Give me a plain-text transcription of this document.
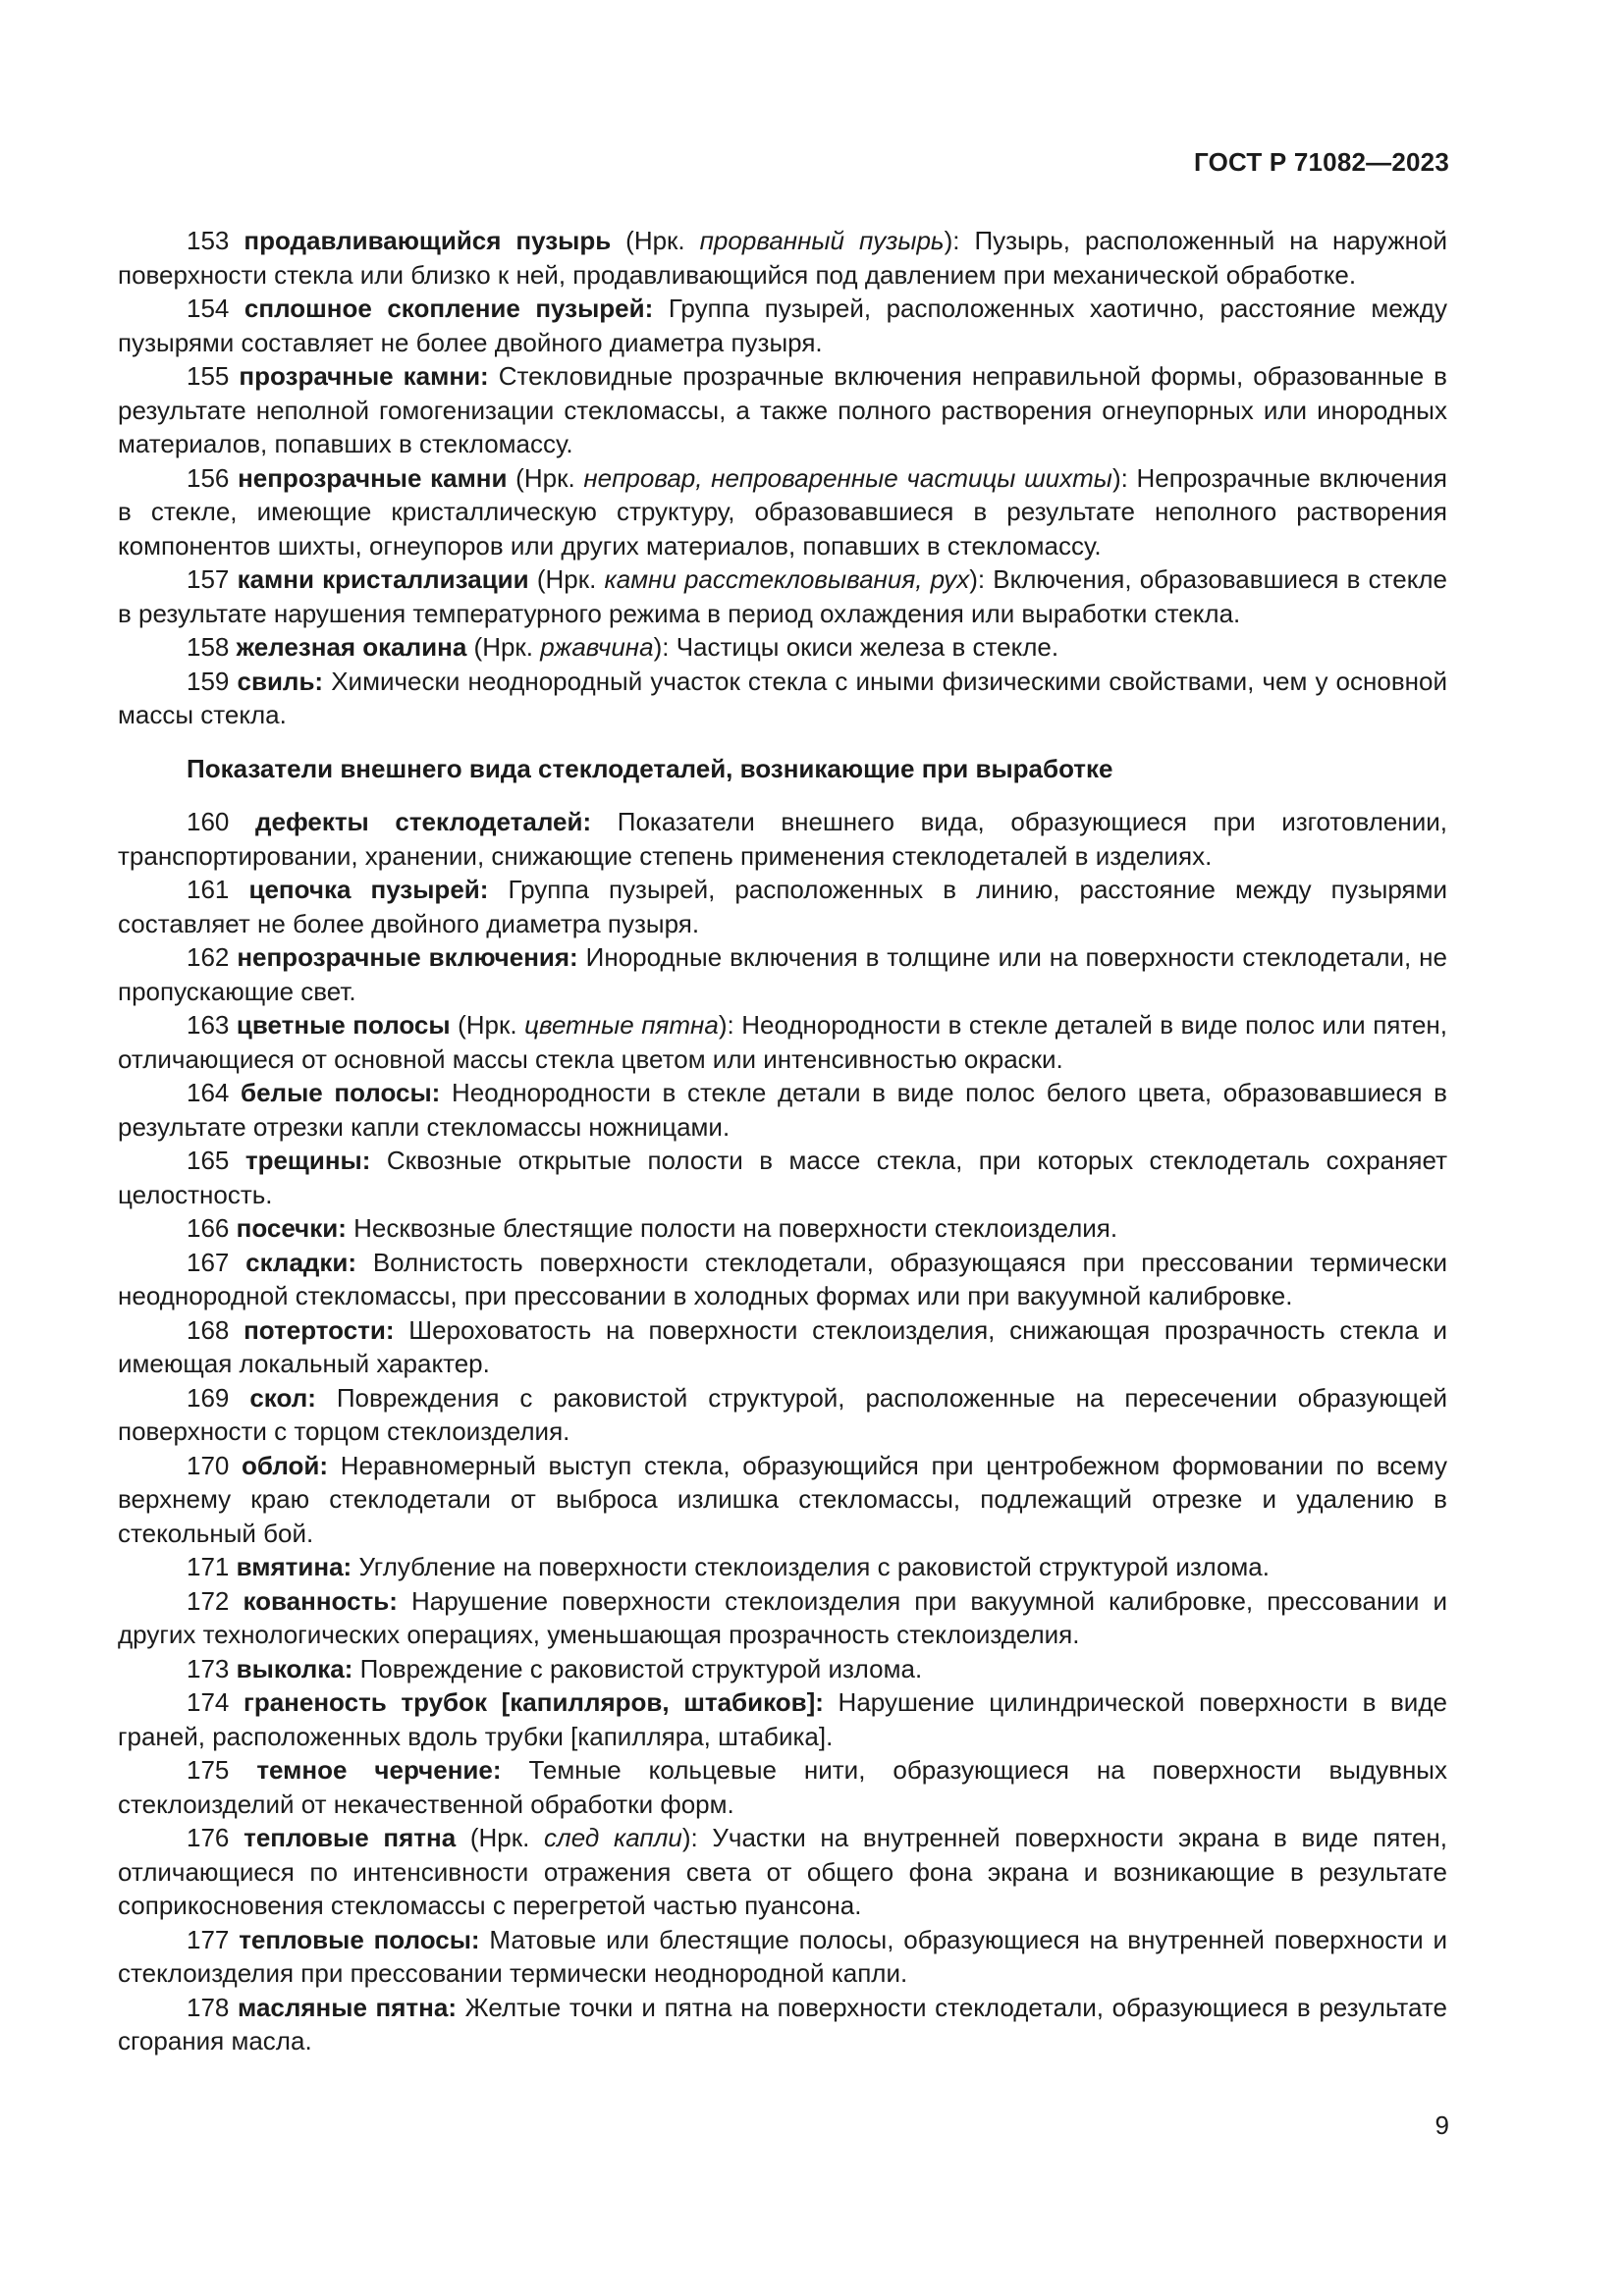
ГОСТ Р 71082—2023

153 продавливающийся пузырь (Нрк. прорванный пузырь): Пузырь, расположенный на наружной поверхности стекла или близко к ней, продавливающийся под давлением при механической обработке.

154 сплошное скопление пузырей: Группа пузырей, расположенных хаотично, расстояние между пузырями составляет не более двойного диаметра пузыря.

155 прозрачные камни: Стекловидные прозрачные включения неправильной формы, образованные в результате неполной гомогенизации стекломассы, а также полного растворения огнеупорных или инородных материалов, попавших в стекломассу.

156 непрозрачные камни (Нрк. непровар, непроваренные частицы шихты): Непрозрачные включения в стекле, имеющие кристаллическую структуру, образовавшиеся в результате неполного растворения компонентов шихты, огнеупоров или других материалов, попавших в стекломассу.

157 камни кристаллизации (Нрк. камни расстекловывания, рух): Включения, образовавшиеся в стекле в результате нарушения температурного режима в период охлаждения или выработки стекла.

158 железная окалина (Нрк. ржавчина): Частицы окиси железа в стекле.

159 свиль: Химически неоднородный участок стекла с иными физическими свойствами, чем у основной массы стекла.

Показатели внешнего вида стеклодеталей, возникающие при выработке

160 дефекты стеклодеталей: Показатели внешнего вида, образующиеся при изготовлении, транспортировании, хранении, снижающие степень применения стеклодеталей в изделиях.

161 цепочка пузырей: Группа пузырей, расположенных в линию, расстояние между пузырями составляет не более двойного диаметра пузыря.

162 непрозрачные включения: Инородные включения в толщине или на поверхности стеклодетали, не пропускающие свет.

163 цветные полосы (Нрк. цветные пятна): Неоднородности в стекле деталей в виде полос или пятен, отличающиеся от основной массы стекла цветом или интенсивностью окраски.

164 белые полосы: Неоднородности в стекле детали в виде полос белого цвета, образовавшиеся в результате отрезки капли стекломассы ножницами.

165 трещины: Сквозные открытые полости в массе стекла, при которых стеклодеталь сохраняет целостность.

166 посечки: Несквозные блестящие полости на поверхности стеклоизделия.

167 складки: Волнистость поверхности стеклодетали, образующаяся при прессовании термически неоднородной стекломассы, при прессовании в холодных формах или при вакуумной калибровке.

168 потертости: Шероховатость на поверхности стеклоизделия, снижающая прозрачность стекла и имеющая локальный характер.

169 скол: Повреждения с раковистой структурой, расположенные на пересечении образующей поверхности с торцом стеклоизделия.

170 облой: Неравномерный выступ стекла, образующийся при центробежном формовании по всему верхнему краю стеклодетали от выброса излишка стекломассы, подлежащий отрезке и удалению в стекольный бой.

171 вмятина: Углубление на поверхности стеклоизделия с раковистой структурой излома.

172 кованность: Нарушение поверхности стеклоизделия при вакуумной калибровке, прессовании и других технологических операциях, уменьшающая прозрачность стеклоизделия.

173 выколка: Повреждение с раковистой структурой излома.

174 граненость трубок [капилляров, штабиков]: Нарушение цилиндрической поверхности в виде граней, расположенных вдоль трубки [капилляра, штабика].

175 темное черчение: Темные кольцевые нити, образующиеся на поверхности выдувных стеклоизделий от некачественной обработки форм.

176 тепловые пятна (Нрк. след капли): Участки на внутренней поверхности экрана в виде пятен, отличающиеся по интенсивности отражения света от общего фона экрана и возникающие в результате соприкосновения стекломассы с перегретой частью пуансона.

177 тепловые полосы: Матовые или блестящие полосы, образующиеся на внутренней поверхности и стеклоизделия при прессовании термически неоднородной капли.

178 масляные пятна: Желтые точки и пятна на поверхности стеклодетали, образующиеся в результате сгорания масла.

9
